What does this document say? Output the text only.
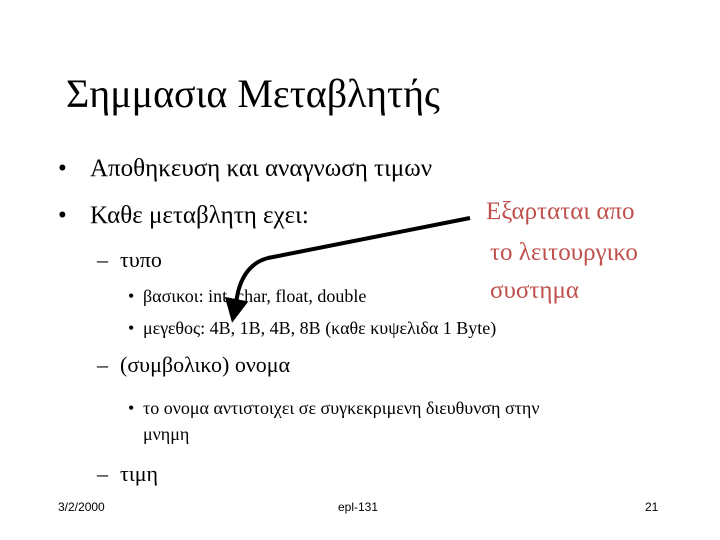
Σημμασια Μεταβλητής
• Αποθηκευση και αναγνωση τιμων
• Καθε μεταβλητη εχει:
– τυπο
• βασικοι: int, char, float, double
• μεγεθος: 4B, 1B, 4B, 8B (καθε κυψελιδα 1 Byte)
– (συμβολικο) ονομα
• το ονομα αντιστοιχει σε συγκεκριμενη διευθυνση στην
μνημη
– τιμη
Εξαρταται απο
το λειτουργικο
συστημα
3/2/2000	epl-131	21
